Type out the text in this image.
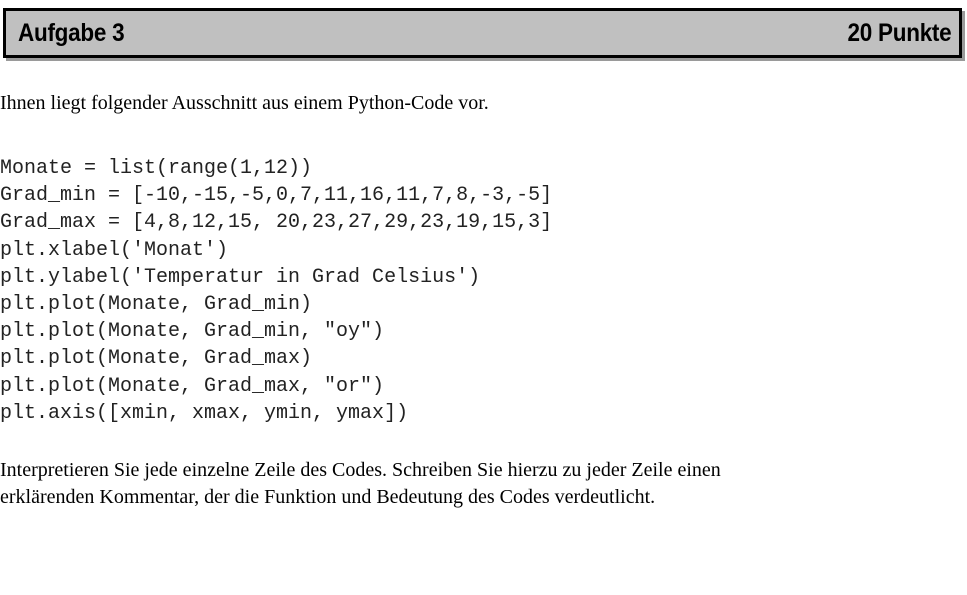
Aufgabe 3	20 Punkte
Ihnen liegt folgender Ausschnitt aus einem Python-Code vor.
Monate = list(range(1,12))
Grad_min = [-10,-15,-5,0,7,11,16,11,7,8,-3,-5]
Grad_max = [4,8,12,15, 20,23,27,29,23,19,15,3]
plt.xlabel('Monat')
plt.ylabel('Temperatur in Grad Celsius')
plt.plot(Monate, Grad_min)
plt.plot(Monate, Grad_min, "oy")
plt.plot(Monate, Grad_max)
plt.plot(Monate, Grad_max, "or")
plt.axis([xmin, xmax, ymin, ymax])
Interpretieren Sie jede einzelne Zeile des Codes. Schreiben Sie hierzu zu jeder Zeile einen
erklärenden Kommentar, der die Funktion und Bedeutung des Codes verdeutlicht.
